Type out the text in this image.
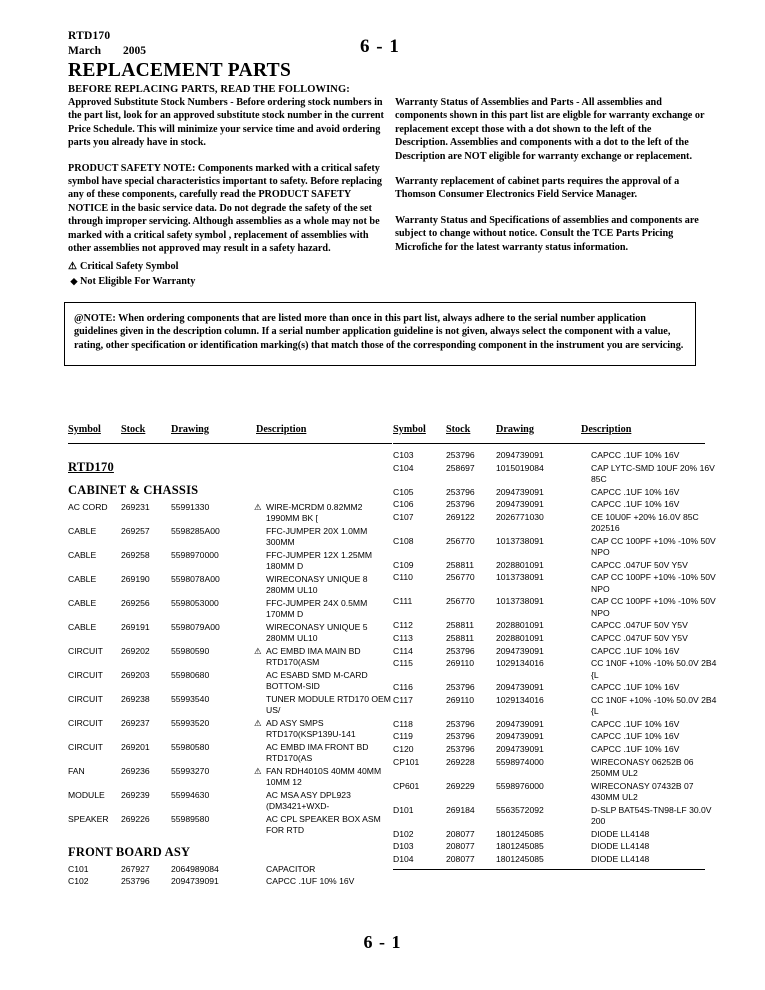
RTD170
March 2005	6 - 1
REPLACEMENT PARTS
BEFORE REPLACING PARTS, READ THE FOLLOWING:

Approved Substitute Stock Numbers - Before ordering stock numbers in the part list, look for an approved substitute stock number in the current Price Schedule. This will minimize your service time and avoid ordering parts you already have in stock.

PRODUCT SAFETY NOTE: Components marked with a critical safety symbol have special characteristics important to safety. Before replacing any of these components, carefully read the PRODUCT SAFETY NOTICE in the basic service data. Do not degrade the safety of the set through improper servicing. Although assemblies as a whole may not be marked with a critical safety symbol , replacement of assemblies with other assemblies not approved may result in a safety hazard.

Warranty Status of Assemblies and Parts - All assemblies and components shown in this part list are eligble for warranty exchange or replacement except those with a dot shown to the left of the Description. Assemblies and components with a dot to the left of the Description are NOT eligible for warranty exchange or replacement.

Warranty replacement of cabinet parts requires the approval of a Thomson Consumer Electronics Field Service Manager.

Warranty Status and Specifications of assemblies and components are subject to change without notice. Consult the TCE Parts Pricing Microfiche for the latest warranty status information.

⚠ Critical Safety Symbol
◆ Not Eligible For Warranty

@NOTE: When ordering components that are listed more than once in this part list, always adhere to the serial number application guidelines given in the description column. If a serial number application guideline is not given, always select the component with a value, rating, other specification or identification marking(s) that match those of the corresponding component in the instrument you are servicing.

Symbol Stock	Drawing	Description
RTD170
CABINET & CHASSIS
AC CORD	269231	55991330	⚠ WIRE-MCRDM 0.82MM2
1990MM BK [
CABLE	269257	5598285A00	FFC-JUMPER 20X 1.0MM
300MM
CABLE	269258	5598970000	FFC-JUMPER 12X 1.25MM
180MM D
CABLE	269190	5598078A00	WIRECONASY UNIQUE 8
280MM UL10
CABLE	269256	5598053000	FFC-JUMPER 24X 0.5MM
170MM D
CABLE	269191	5598079A00	WIRECONASY UNIQUE 5
280MM UL10
CIRCUIT	269202	55980590	⚠ AC EMBD IMA MAIN BD
RTD170(ASM
CIRCUIT	269203	55980680	AC ESABD SMD M-CARD
BOTTOM-SID
CIRCUIT	269238	55993540	TUNER MODULE RTD170 OEM
US/
CIRCUIT	269237	55993520	⚠ AD ASY SMPS
RTD170(KSP139U-141
CIRCUIT	269201	55980580	AC EMBD IMA FRONT BD
RTD170(AS
FAN	269236	55993270	⚠ FAN RDH4010S 40MM 40MM
10MM 12
MODULE	269239	55994630	AC MSA ASY DPL923
(DM3421+WXD-
SPEAKER	269226	55989580	AC CPL SPEAKER BOX ASM
FOR RTD
FRONT BOARD ASY
C101	267927	2064989084	CAPACITOR
C102	253796	2094739091	CAPCC .1UF 10% 16V
Symbol Stock	Drawing	Description
C103	253796	2094739091	CAPCC .1UF 10% 16V
C104	258697	1015019084	CAP LYTC-SMD 10UF 20% 16V
85C
C105	253796	2094739091	CAPCC .1UF 10% 16V
C106	253796	2094739091	CAPCC .1UF 10% 16V
C107	269122	2026771030	CE 10U0F +20% 16.0V 85C
202516
C108	256770	1013738091	CAP CC 100PF +10% -10% 50V
NPO
C109	258811	2028801091	CAPCC .047UF 50V Y5V
C110	256770	1013738091	CAP CC 100PF +10% -10% 50V
NPO
C111	256770	1013738091	CAP CC 100PF +10% -10% 50V
NPO
C112	258811	2028801091	CAPCC .047UF 50V Y5V
C113	258811	2028801091	CAPCC .047UF 50V Y5V
C114	253796	2094739091	CAPCC .1UF 10% 16V
C115	269110	1029134016	CC 1N0F +10% -10% 50.0V 2B4
{L
C116	253796	2094739091	CAPCC .1UF 10% 16V
C117	269110	1029134016	CC 1N0F +10% -10% 50.0V 2B4
{L
C118	253796	2094739091	CAPCC .1UF 10% 16V
C119	253796	2094739091	CAPCC .1UF 10% 16V
C120	253796	2094739091	CAPCC .1UF 10% 16V
CP101	269228	5598974000	WIRECONASY 06252B 06
250MM UL2
CP601	269229	5598976000	WIRECONASY 07432B 07
430MM UL2
D101	269184	5563572092	D-SLP BAT54S-TN98-LF 30.0V
200
D102	208077	1801245085	DIODE LL4148
D103	208077	1801245085	DIODE LL4148
D104	208077	1801245085	DIODE LL4148
6 - 1
